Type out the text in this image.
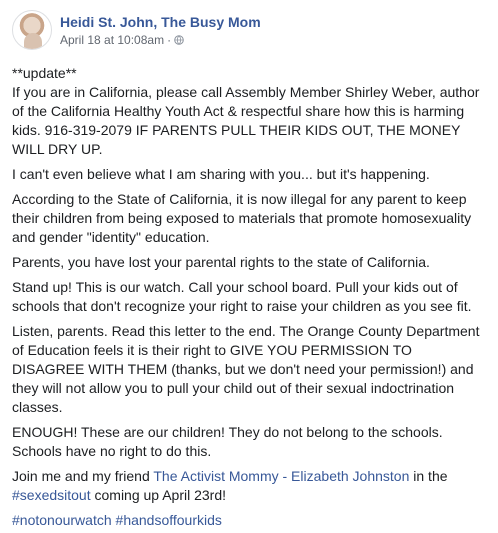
Heidi St. John, The Busy Mom
April 18 at 10:08am ·

**update**
If you are in California, please call Assembly Member Shirley Weber, author of the California Healthy Youth Act & respectful share how this is harming kids. 916-319-2079 IF PARENTS PULL THEIR KIDS OUT, THE MONEY WILL DRY UP.

I can't even believe what I am sharing with you... but it's happening.

According to the State of California, it is now illegal for any parent to keep their children from being exposed to materials that promote homosexuality and gender "identity" education.

Parents, you have lost your parental rights to the state of California.

Stand up! This is our watch. Call your school board. Pull your kids out of schools that don't recognize your right to raise your children as you see fit.

Listen, parents. Read this letter to the end. The Orange County Department of Education feels it is their right to GIVE YOU PERMISSION TO DISAGREE WITH THEM (thanks, but we don't need your permission!) and they will not allow you to pull your child out of their sexual indoctrination classes.

ENOUGH! These are our children! They do not belong to the schools. Schools have no right to do this.

Join me and my friend The Activist Mommy - Elizabeth Johnston in the
#sexedsitout coming up April 23rd!

#notonourwatch #handsoffourkids
